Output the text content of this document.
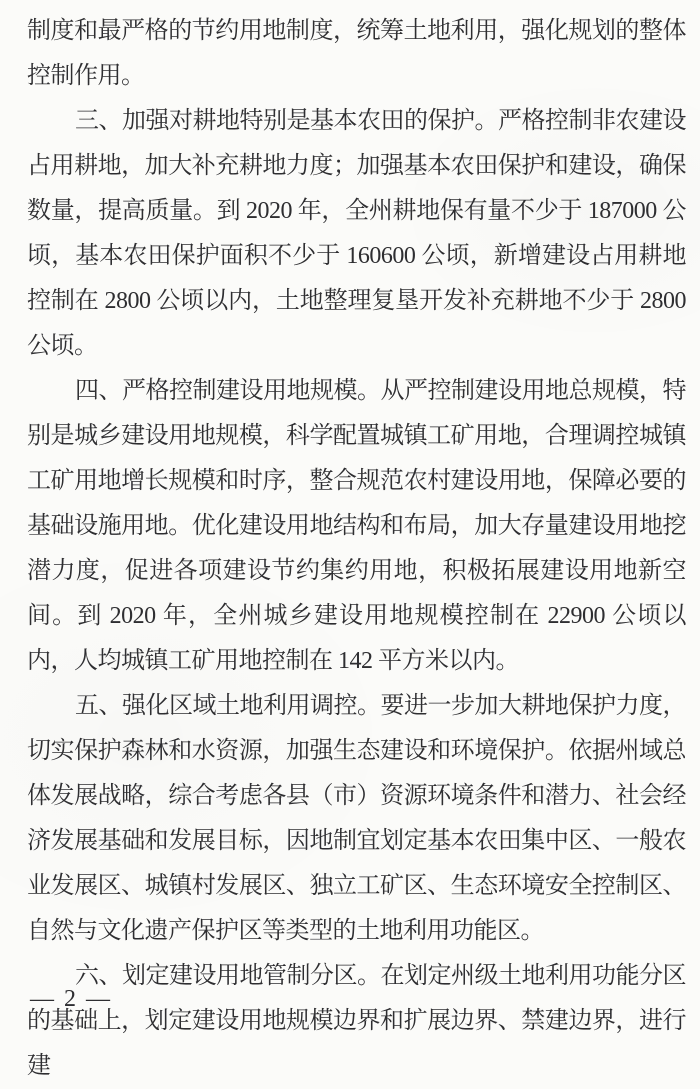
制度和最严格的节约用地制度，统筹土地利用，强化规划的整体控制作用。

三、加强对耕地特别是基本农田的保护。严格控制非农建设占用耕地，加大补充耕地力度；加强基本农田保护和建设，确保数量，提高质量。到 2020 年，全州耕地保有量不少于 187000 公顷，基本农田保护面积不少于 160600 公顷，新增建设占用耕地控制在 2800 公顷以内，土地整理复垦开发补充耕地不少于 2800 公顷。

四、严格控制建设用地规模。从严控制建设用地总规模，特别是城乡建设用地规模，科学配置城镇工矿用地，合理调控城镇工矿用地增长规模和时序，整合规范农村建设用地，保障必要的基础设施用地。优化建设用地结构和布局，加大存量建设用地挖潜力度，促进各项建设节约集约用地，积极拓展建设用地新空间。到 2020 年，全州城乡建设用地规模控制在 22900 公顷以内，人均城镇工矿用地控制在 142 平方米以内。

五、强化区域土地利用调控。要进一步加大耕地保护力度，切实保护森林和水资源，加强生态建设和环境保护。依据州域总体发展战略，综合考虑各县（市）资源环境条件和潜力、社会经济发展基础和发展目标，因地制宜划定基本农田集中区、一般农业发展区、城镇村发展区、独立工矿区、生态环境安全控制区、自然与文化遗产保护区等类型的土地利用功能区。

六、划定建设用地管制分区。在划定州级土地利用功能分区的基础上，划定建设用地规模边界和扩展边界、禁建边界，进行建

— 2 —
